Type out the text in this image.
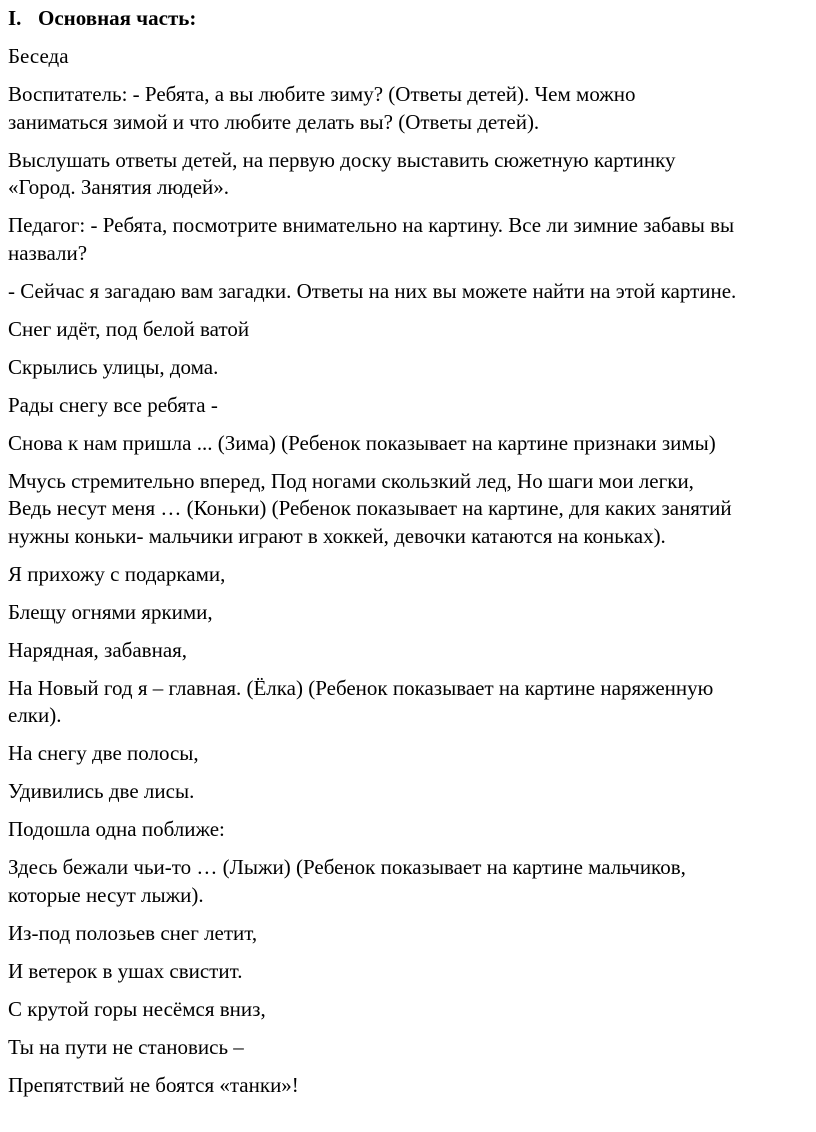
I. Основная часть:

Беседа

Воспитатель: - Ребята, а вы любите зиму? (Ответы детей). Чем можно
заниматься зимой и что любите делать вы? (Ответы детей).

Выслушать ответы детей, на первую доску выставить сюжетную картинку
«Город. Занятия людей».

Педагог: - Ребята, посмотрите внимательно на картину. Все ли зимние забавы вы
назвали?

- Сейчас я загадаю вам загадки. Ответы на них вы можете найти на этой картине.

Снег идёт, под белой ватой

Скрылись улицы, дома.

Рады снегу все ребята -

Снова к нам пришла ... (Зима) (Ребенок показывает на картине признаки зимы)

Мчусь стремительно вперед, Под ногами скользкий лед, Но шаги мои легки,
Ведь несут меня … (Коньки) (Ребенок показывает на картине, для каких занятий
нужны коньки- мальчики играют в хоккей, девочки катаются на коньках).

Я прихожу с подарками,

Блещу огнями яркими,

Нарядная, забавная,

На Новый год я – главная. (Ёлка) (Ребенок показывает на картине наряженную
елки).

На снегу две полосы,

Удивились две лисы.

Подошла одна поближе:

Здесь бежали чьи-то … (Лыжи) (Ребенок показывает на картине мальчиков,
которые несут лыжи).

Из-под полозьев снег летит,

И ветерок в ушах свистит.

С крутой горы несёмся вниз,

Ты на пути не становись –

Препятствий не боятся «танки»!
